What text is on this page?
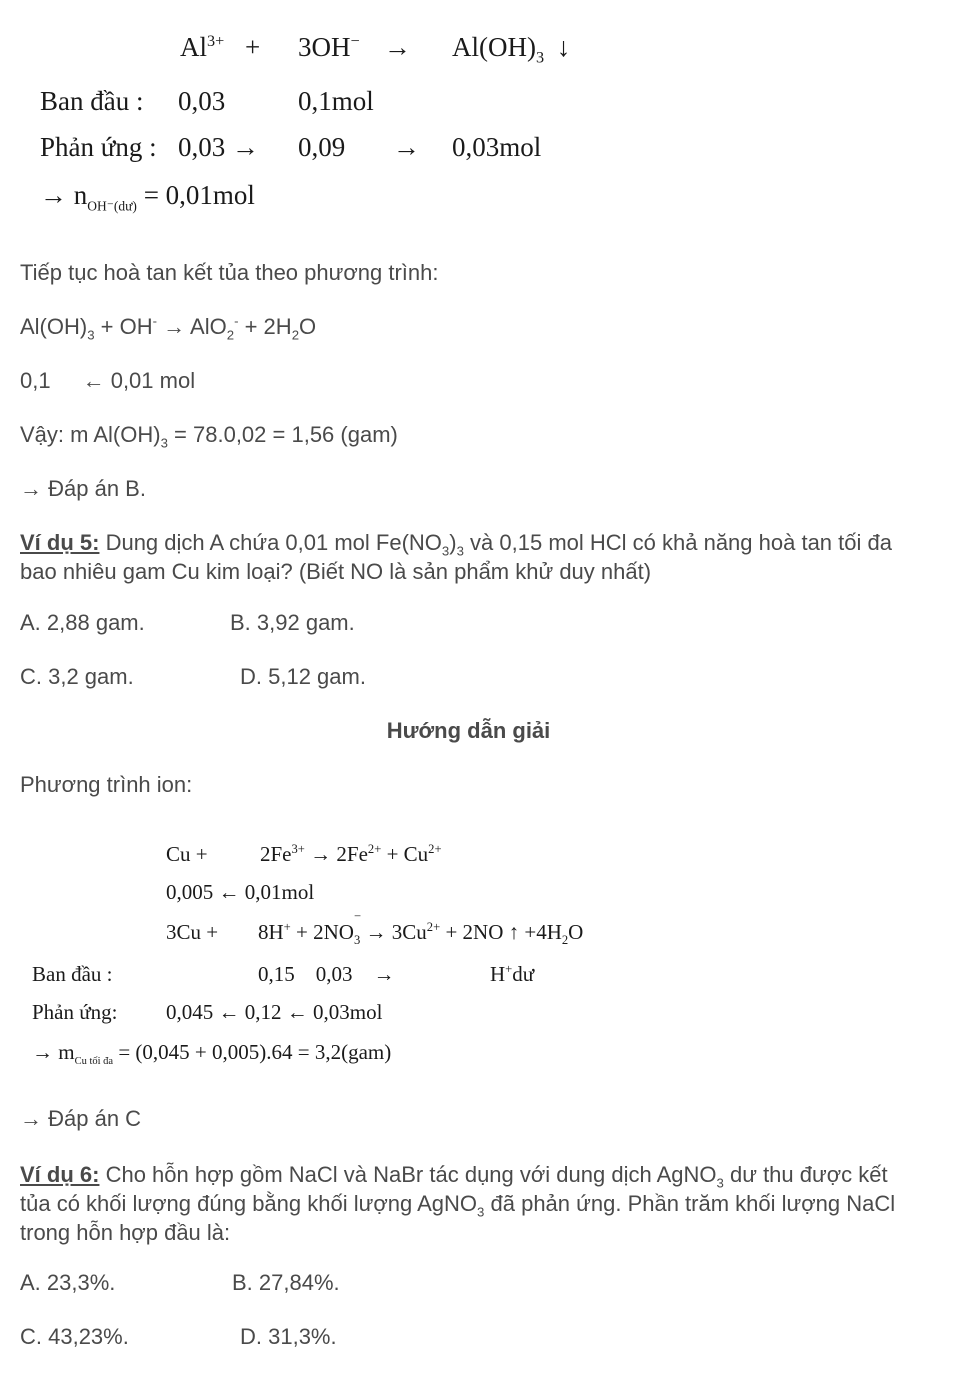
$Al^{3+} + 3OH^- \to Al(OH)_3$ ↓
Ban đầu : 0,03	0,1mol
Phản ứng : 0,03 → 0,09 → 0,03mol
→ $n_{OH^-(dư)} = 0,01mol$
Tiếp tục hoà tan kết tủa theo phương trình:
$Al(OH)_3 + OH^- \to AlO_2^- + 2H_2O$
0,1 ← 0,01 mol
Vậy: m $Al(OH)_3 = 78.0,02 = 1,56$ (gam)
→ Đáp án B.
Ví dụ 5: Dung dịch A chứa 0,01 mol $Fe(NO_3)_3$ và 0,15 mol HCl có khả năng hoà tan tối đa bao nhiêu gam Cu kim loại? (Biết NO là sản phẩm khử duy nhất)
A. 2,88 gam.	B. 3,92 gam.
C. 3,2 gam.	D. 5,12 gam.
Hướng dẫn giải
Phương trình ion:
$Cu + 2Fe^{3+} \to 2Fe^{2+} + Cu^{2+}$
0,005 ← 0,01mol
3Cu + 8H+ + 2NO
−
$_3 \to 3Cu^{2+} + 2NO$ ↑ $+4H_2O$
Ban đầu :	0,15    0,03    →	H+dư
Phản ứng: 0,045 ← 0,12 ← 0,03mol
→ $m_{Cu tối đa} = (0,045 + 0,005).64 = 3,2(gam)$
→ Đáp án C
Ví dụ 6: Cho hỗn hợp gồm NaCl và NaBr tác dụng với dung dịch AgNO$_3$ dư thu được kết tủa có khối lượng đúng bằng khối lượng AgNO$_3$ đã phản ứng. Phần trăm khối lượng NaCl trong hỗn hợp đầu là:
A. 23,3%.	B. 27,84%.
C. 43,23%.	D. 31,3%.
